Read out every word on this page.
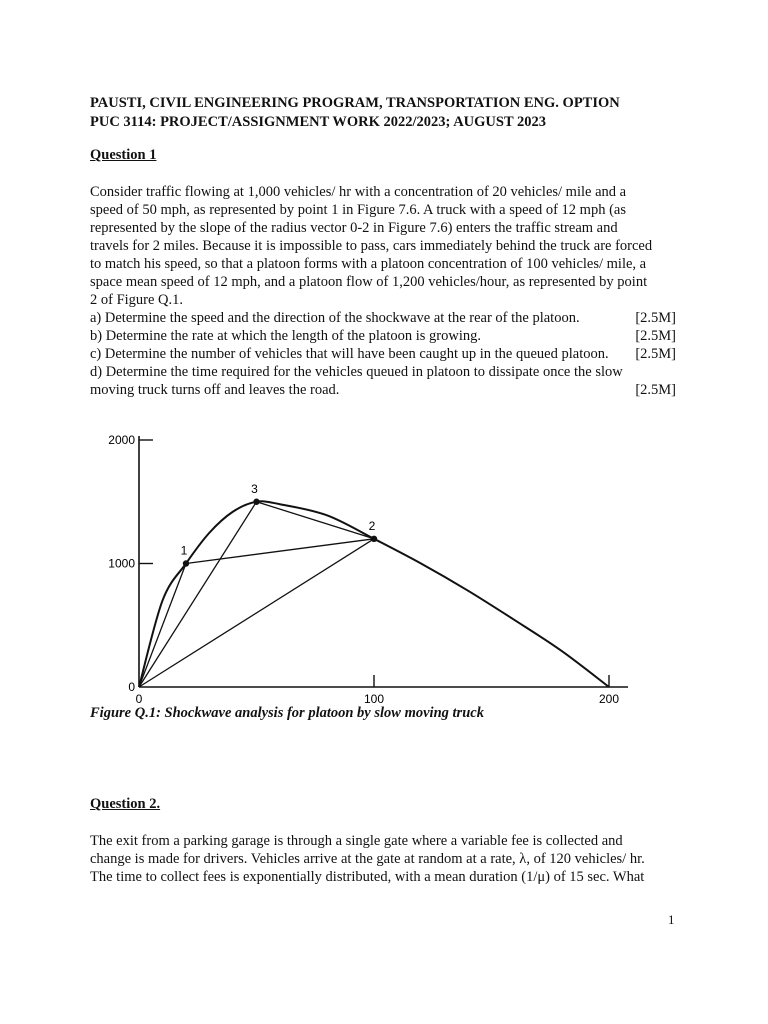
PAUSTI, CIVIL ENGINEERING PROGRAM, TRANSPORTATION ENG. OPTION
PUC 3114: PROJECT/ASSIGNMENT WORK 2022/2023; AUGUST 2023
Question 1
Consider traffic flowing at 1,000 vehicles/ hr with a concentration of 20 vehicles/ mile and a
speed of 50 mph, as represented by point 1 in Figure 7.6. A truck with a speed of 12 mph (as
represented by the slope of the radius vector 0-2 in Figure 7.6) enters the traffic stream and
travels for 2 miles. Because it is impossible to pass, cars immediately behind the truck are forced
to match his speed, so that a platoon forms with a platoon concentration of 100 vehicles/ mile, a
space mean speed of 12 mph, and a platoon flow of 1,200 vehicles/hour, as represented by point
2 of Figure Q.1.
a) Determine the speed and the direction of the shockwave at the rear of the platoon.	[2.5M]
b) Determine the rate at which the length of the platoon is growing.	[2.5M]
c) Determine the number of vehicles that will have been caught up in the queued platoon. [2.5M]
d) Determine the time required for the vehicles queued in platoon to dissipate once the slow
moving truck turns off and leaves the road.	[2.5M]
1
2
3
0
1000
2000
0	100	200
Figure Q.1: Shockwave analysis for platoon by slow moving truck
Question 2.
The exit from a parking garage is through a single gate where a variable fee is collected and
change is made for drivers. Vehicles arrive at the gate at random at a rate, λ, of 120 vehicles/ hr.
The time to collect fees is exponentially distributed, with a mean duration (1/μ) of 15 sec. What
1
